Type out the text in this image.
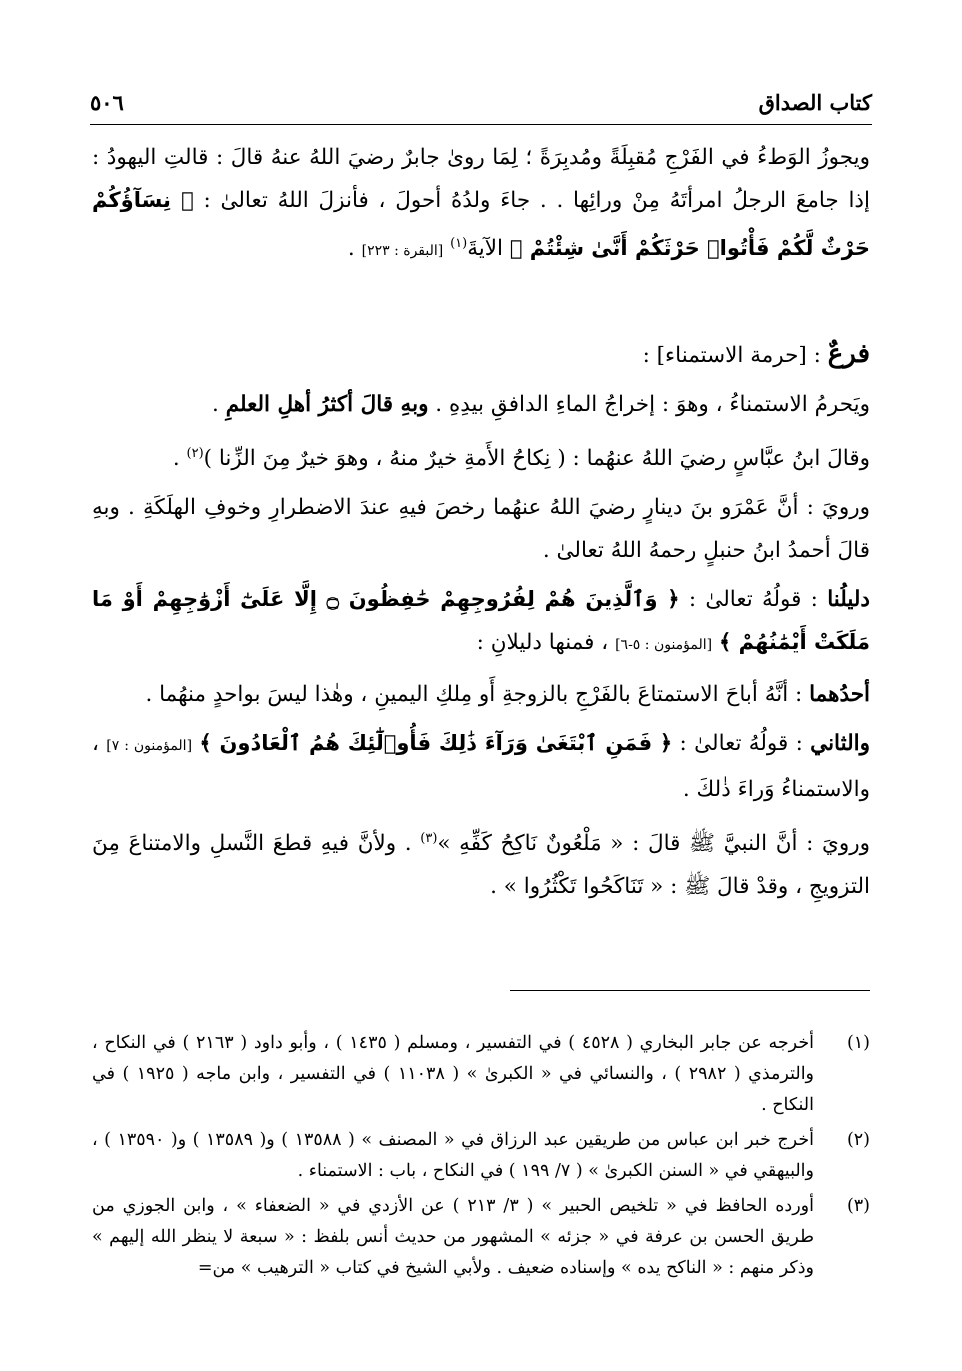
كتاب الصداق
٥٠٦

ويجوزُ الوَطءُ في الفَرْجِ مُقبِلَةً ومُدبِرَةً ؛ لِمَا روىٰ جابرٌ رضيَ اللهُ عنهُ قالَ : قالتِ اليهودُ : إذا جامعَ الرجلُ امرأتَهُ مِنْ ورائِها . . جاءَ ولدُهُ أحولَ ، فأنزلَ اللهُ تعالىٰ : ﴿ نِسَآؤُكُمْ حَرْثٌ لَّكُمْ فَأْتُوا۟ حَرْثَكُمْ أَنَّىٰ شِئْتُمْ ﴾ الآيةَ$^{(١)}$ [البقرة : ٢٢٣] .

فرعٌ : [حرمة الاستمناء] :

ويَحرمُ الاستمناءُ ، وهوَ : إخراجُ الماءِ الدافقِ بيدِهِ . وبهِ قالَ أكثرُ أهلِ العلمِ .

وقالَ ابنُ عبَّاسٍ رضيَ اللهُ عنهُما : ( نِكاحُ الأَمةِ خيرٌ منهُ ، وهوَ خيرٌ مِنَ الزِّنا )$^{(٢)}$ .

ورويَ : أنَّ عَمْرَو بنَ دينارٍ رضيَ اللهُ عنهُما رخصَ فيهِ عندَ الاضطرارِ وخوفِ الهلَكَةِ . وبهِ قالَ أحمدُ ابنُ حنبلٍ رحمهُ اللهُ تعالىٰ .

دليلُنا : قولُهُ تعالىٰ : ﴿ وَٱلَّذِينَ هُمْ لِفُرُوجِهِمْ حَٰفِظُونَ ۝ إِلَّا عَلَىٰٓ أَزْوَٰجِهِمْ أَوْ مَا مَلَكَتْ أَيْمَٰنُهُمْ ﴾ [المؤمنون : ٥-٦] ، فمنها دليلانِ :

أحدُهما : أنَّهُ أباحَ الاستمتاعَ بالفَرْجِ بالزوجةِ أَو مِلكِ اليمينِ ، وهٰذا ليسَ بواحدٍ منهُما .

والثاني : قولُهُ تعالىٰ : ﴿ فَمَنِ ٱبْتَغَىٰ وَرَآءَ ذَٰلِكَ فَأُو۟لَٰٓئِكَ هُمُ ٱلْعَادُونَ ﴾ [المؤمنون : ٧] ، والاستمناءُ وَراءَ ذٰلكَ .

ورويَ : أنَّ النبيَّ ﷺ قالَ : « مَلْعُونٌ نَاكِحُ كَفِّهِ »$^{(٣)}$ . ولأنَّ فيهِ قطعَ النَّسلِ والامتناعَ مِنَ التزويجِ ، وقدْ قالَ ﷺ : « تَنَاكَحُوا تَكْثُرُوا » .

(١)
أخرجه عن جابر البخاري ( ٤٥٢٨ ) في التفسير ، ومسلم ( ١٤٣٥ ) ، وأبو داود ( ٢١٦٣ ) في النكاح ، والترمذي ( ٢٩٨٢ ) ، والنسائي في « الكبرىٰ » ( ١١٠٣٨ ) في التفسير ، وابن ماجه ( ١٩٢٥ ) في النكاح .
(٢)
أخرج خبر ابن عباس من طريقين عبد الرزاق في « المصنف » ( ١٣٥٨٨ ) و( ١٣٥٨٩ ) و( ١٣٥٩٠ ) ، والبيهقي في « السنن الكبرىٰ » ( ٧/ ١٩٩ ) في النكاح ، باب : الاستمناء .
(٣)
أورده الحافظ في « تلخيص الحبير » ( ٣/ ٢١٣ ) عن الأزدي في « الضعفاء » ، وابن الجوزي من طريق الحسن بن عرفة في « جزئه » المشهور من حديث أنس بلفظ : « سبعة لا ينظر الله إليهم » وذكر منهم : « الناكح يده » وإسناده ضعيف . ولأبي الشيخ في كتاب « الترهيب » من=
